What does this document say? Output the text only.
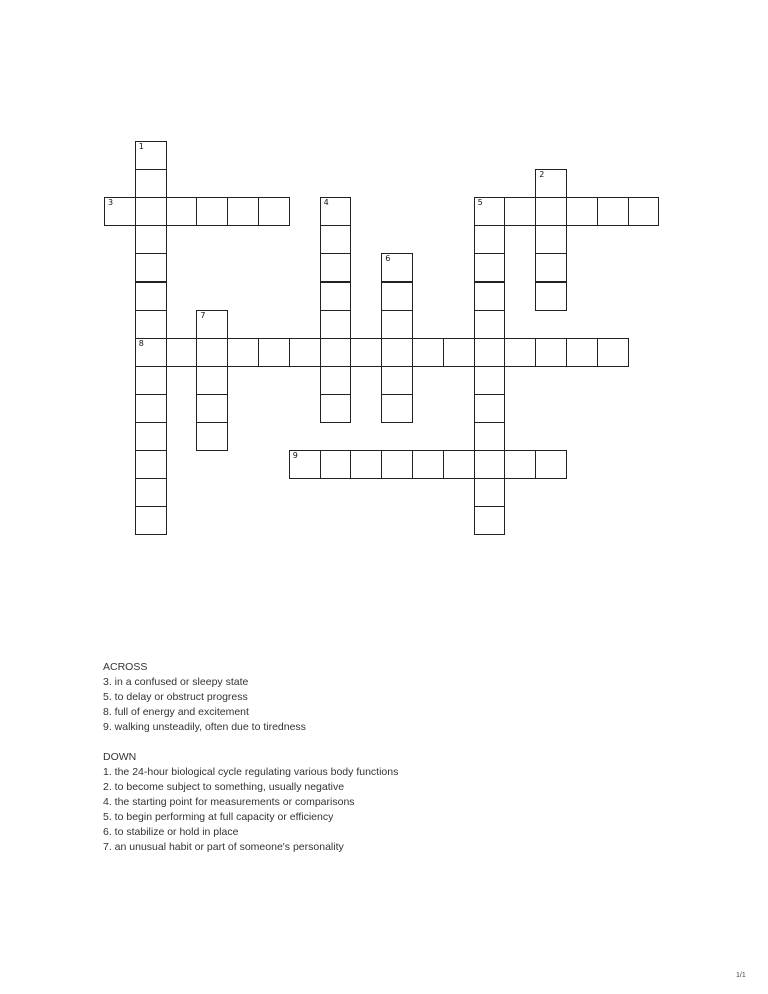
1
8
2
3	4	5
6
7
9

ACROSS

3. in a confused or sleepy state

5. to delay or obstruct progress

8. full of energy and excitement

9. walking unsteadily, often due to tiredness

DOWN

1. the 24-hour biological cycle regulating various body functions

2. to become subject to something, usually negative

4. the starting point for measurements or comparisons

5. to begin performing at full capacity or efficiency

6. to stabilize or hold in place

7. an unusual habit or part of someone's personality

1/1
